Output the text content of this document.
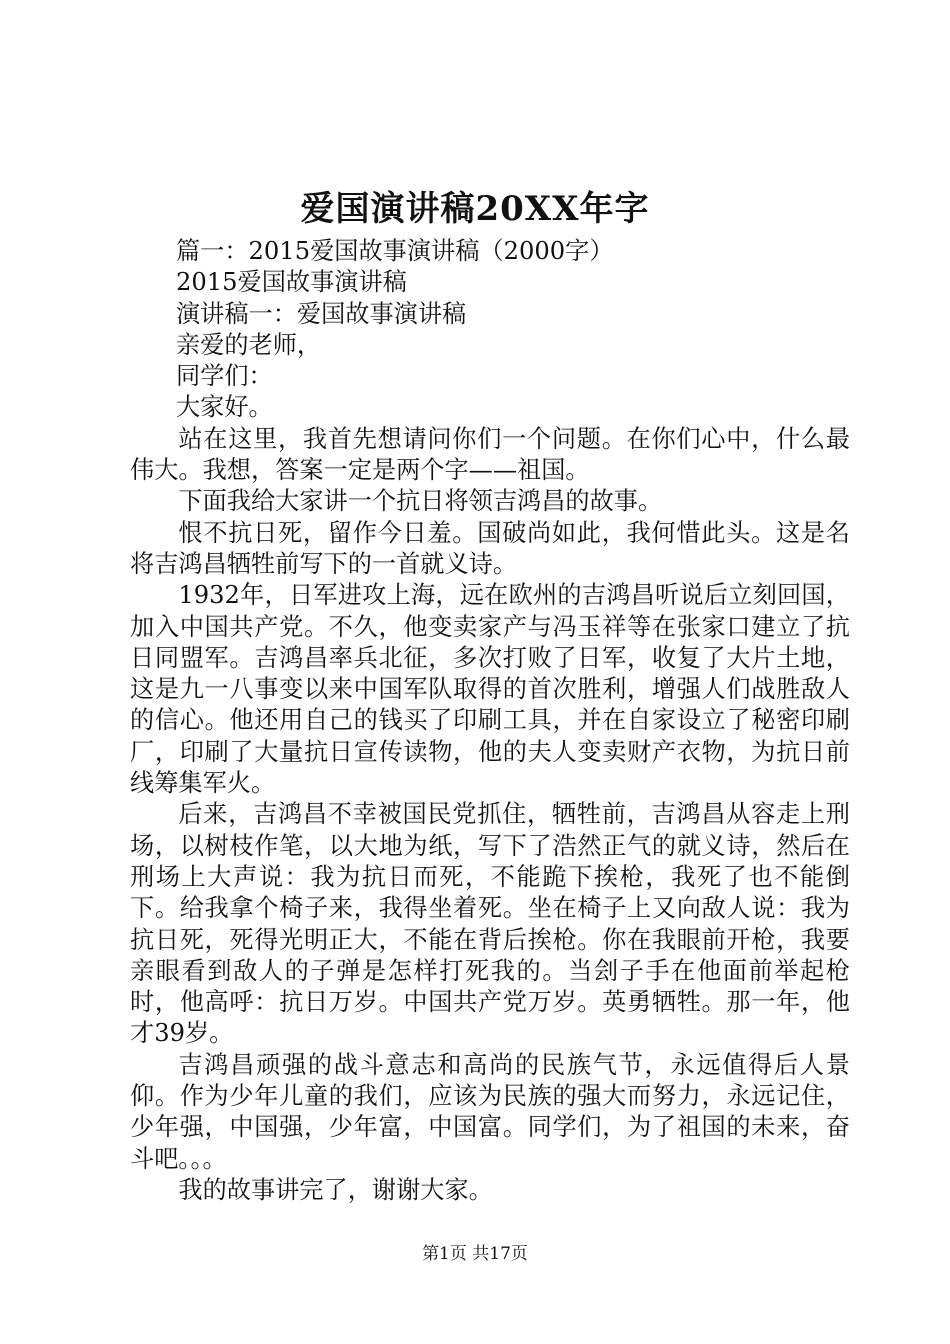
爱国演讲稿20XX年字

篇一：2015爱国故事演讲稿（2000字）

2015爱国故事演讲稿

演讲稿一：爱国故事演讲稿

亲爱的老师，

同学们：

大家好。

站在这里，我首先想请问你们一个问题。在你们心中，什么最伟大。我想，答案一定是两个字——祖国。

下面我给大家讲一个抗日将领吉鸿昌的故事。

恨不抗日死，留作今日羞。国破尚如此，我何惜此头。这是名将吉鸿昌牺牲前写下的一首就义诗。

1932年，日军进攻上海，远在欧州的吉鸿昌听说后立刻回国，加入中国共产党。不久，他变卖家产与冯玉祥等在张家口建立了抗日同盟军。吉鸿昌率兵北征，多次打败了日军，收复了大片土地，这是九一八事变以来中国军队取得的首次胜利，增强人们战胜敌人的信心。他还用自己的钱买了印刷工具，并在自家设立了秘密印刷厂，印刷了大量抗日宣传读物，他的夫人变卖财产衣物，为抗日前线筹集军火。

后来，吉鸿昌不幸被国民党抓住，牺牲前，吉鸿昌从容走上刑场，以树枝作笔，以大地为纸，写下了浩然正气的就义诗，然后在刑场上大声说：我为抗日而死，不能跪下挨枪，我死了也不能倒下。给我拿个椅子来，我得坐着死。坐在椅子上又向敌人说：我为抗日死，死得光明正大，不能在背后挨枪。你在我眼前开枪，我要亲眼看到敌人的子弹是怎样打死我的。当刽子手在他面前举起枪时，他高呼：抗日万岁。中国共产党万岁。英勇牺牲。那一年，他才39岁。

吉鸿昌顽强的战斗意志和高尚的民族气节，永远值得后人景仰。作为少年儿童的我们，应该为民族的强大而努力，永远记住，少年强，中国强，少年富，中国富。同学们，为了祖国的未来，奋斗吧。。。

我的故事讲完了，谢谢大家。

第1页 共17页
